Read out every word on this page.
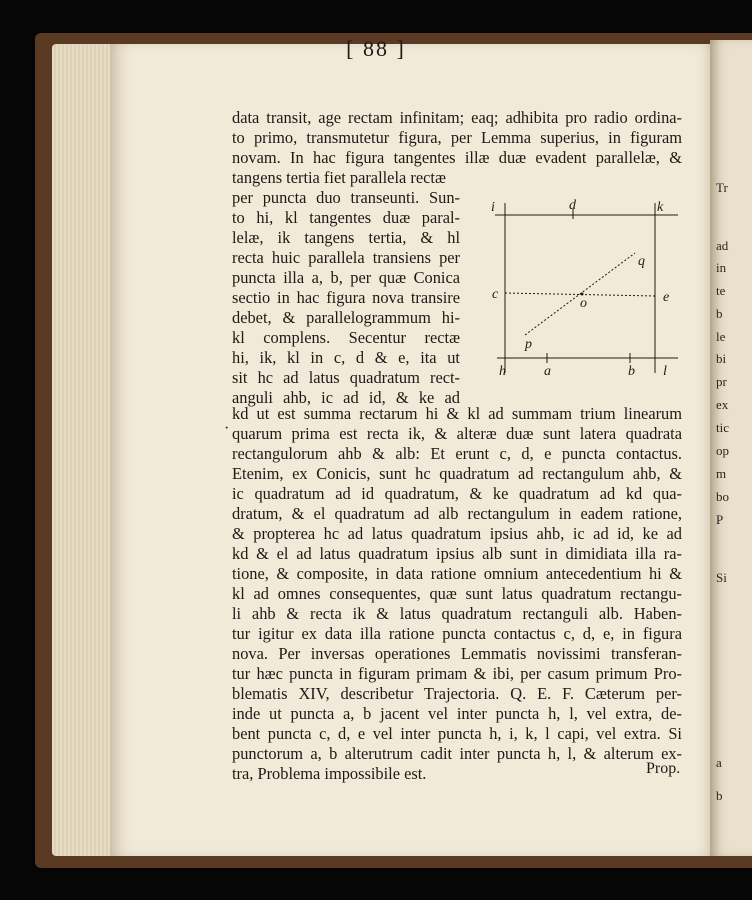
Tr
ad
in
te
b
le
bi
pr
ex
tic
op
m
bo
P
Si
a
b
[ 88 ]
data transit, age rectam infinitam; eaq; adhibita pro radio ordina-
to primo, transmutetur figura, per Lemma superius, in figuram
novam. In hac figura tangentes illæ duæ evadent parallelæ, &
tangens tertia fiet parallela rectæ
per puncta duo transeunti. Sun-
to hi, kl tangentes duæ paral-
lelæ, ik tangens tertia, & hl
recta huic parallela transiens per
puncta illa a, b, per quæ Conica
sectio in hac figura nova transire
debet, & parallelogrammum hi-
kl complens. Secentur rectæ
hi, ik, kl in c, d & e, ita ut
sit hc ad latus quadratum rect-
anguli ahb, ic ad id, & ke ad
·
i	d	k
q
c
o	e
p
h	a	b l
kd ut est summa rectarum hi & kl ad summam trium linearum
quarum prima est recta ik, & alteræ duæ sunt latera quadrata
rectangulorum ahb & alb: Et erunt c, d, e puncta contactus.
Etenim, ex Conicis, sunt hc quadratum ad rectangulum ahb, &
ic quadratum ad id quadratum, & ke quadratum ad kd qua-
dratum, & el quadratum ad alb rectangulum in eadem ratione,
& propterea hc ad latus quadratum ipsius ahb, ic ad id, ke ad
kd & el ad latus quadratum ipsius alb sunt in dimidiata illa ra-
tione, & composite, in data ratione omnium antecedentium hi &
kl ad omnes consequentes, quæ sunt latus quadratum rectangu-
li ahb & recta ik & latus quadratum rectanguli alb. Haben-
tur igitur ex data illa ratione puncta contactus c, d, e, in figura
nova. Per inversas operationes Lemmatis novissimi transferan-
tur hæc puncta in figuram primam & ibi, per casum primum Pro-
blematis XIV, describetur Trajectoria. Q. E. F. Cæterum per-
inde ut puncta a, b jacent vel inter puncta h, l, vel extra, de-
bent puncta c, d, e vel inter puncta h, i, k, l capi, vel extra. Si
punctorum a, b alterutrum cadit inter puncta h, l, & alterum ex-
tra, Problema impossibile est.	Prop.
